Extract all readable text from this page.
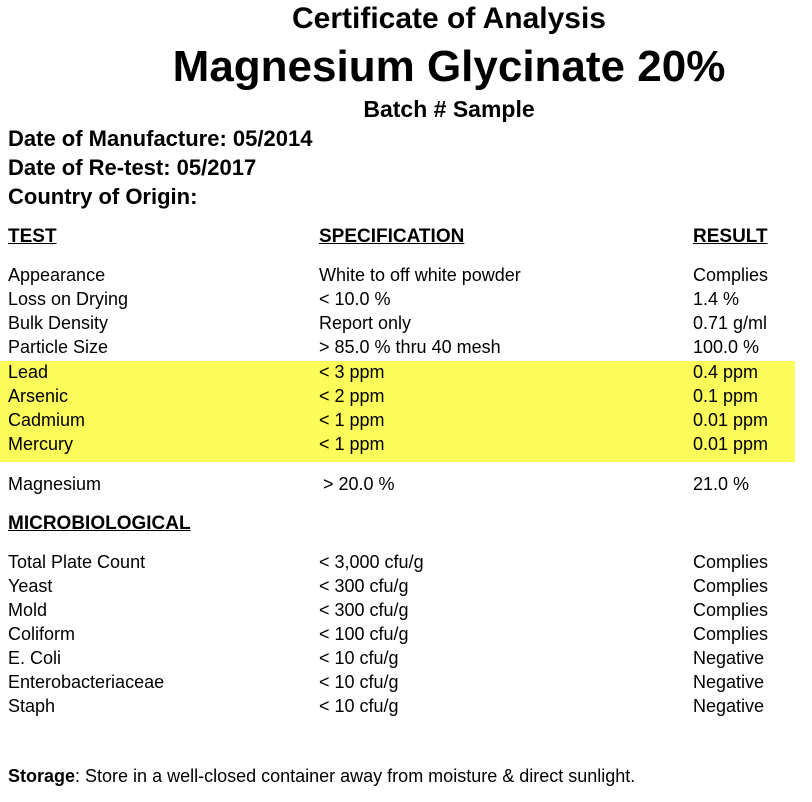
Certificate of Analysis
Magnesium Glycinate 20%
Batch # Sample
Date of Manufacture: 05/2014
Date of Re-test: 05/2017
Country of Origin:
TEST	SPECIFICATION	RESULT
Appearance	White to off white powder	Complies
Loss on Drying	< 10.0 %	1.4 %
Bulk Density	Report only	0.71 g/ml
Particle Size	> 85.0 % thru 40 mesh	100.0 %
Lead	< 3 ppm	0.4 ppm
Arsenic	< 2 ppm	0.1 ppm
Cadmium	< 1 ppm	0.01 ppm
Mercury	< 1 ppm	0.01 ppm
Magnesium	> 20.0 %	21.0 %
MICROBIOLOGICAL
Total Plate Count	< 3,000 cfu/g	Complies
Yeast	< 300 cfu/g	Complies
Mold	< 300 cfu/g	Complies
Coliform	< 100 cfu/g	Complies
E. Coli	< 10 cfu/g	Negative
Enterobacteriaceae	< 10 cfu/g	Negative
Staph	< 10 cfu/g	Negative
Storage: Store in a well-closed container away from moisture & direct sunlight.
